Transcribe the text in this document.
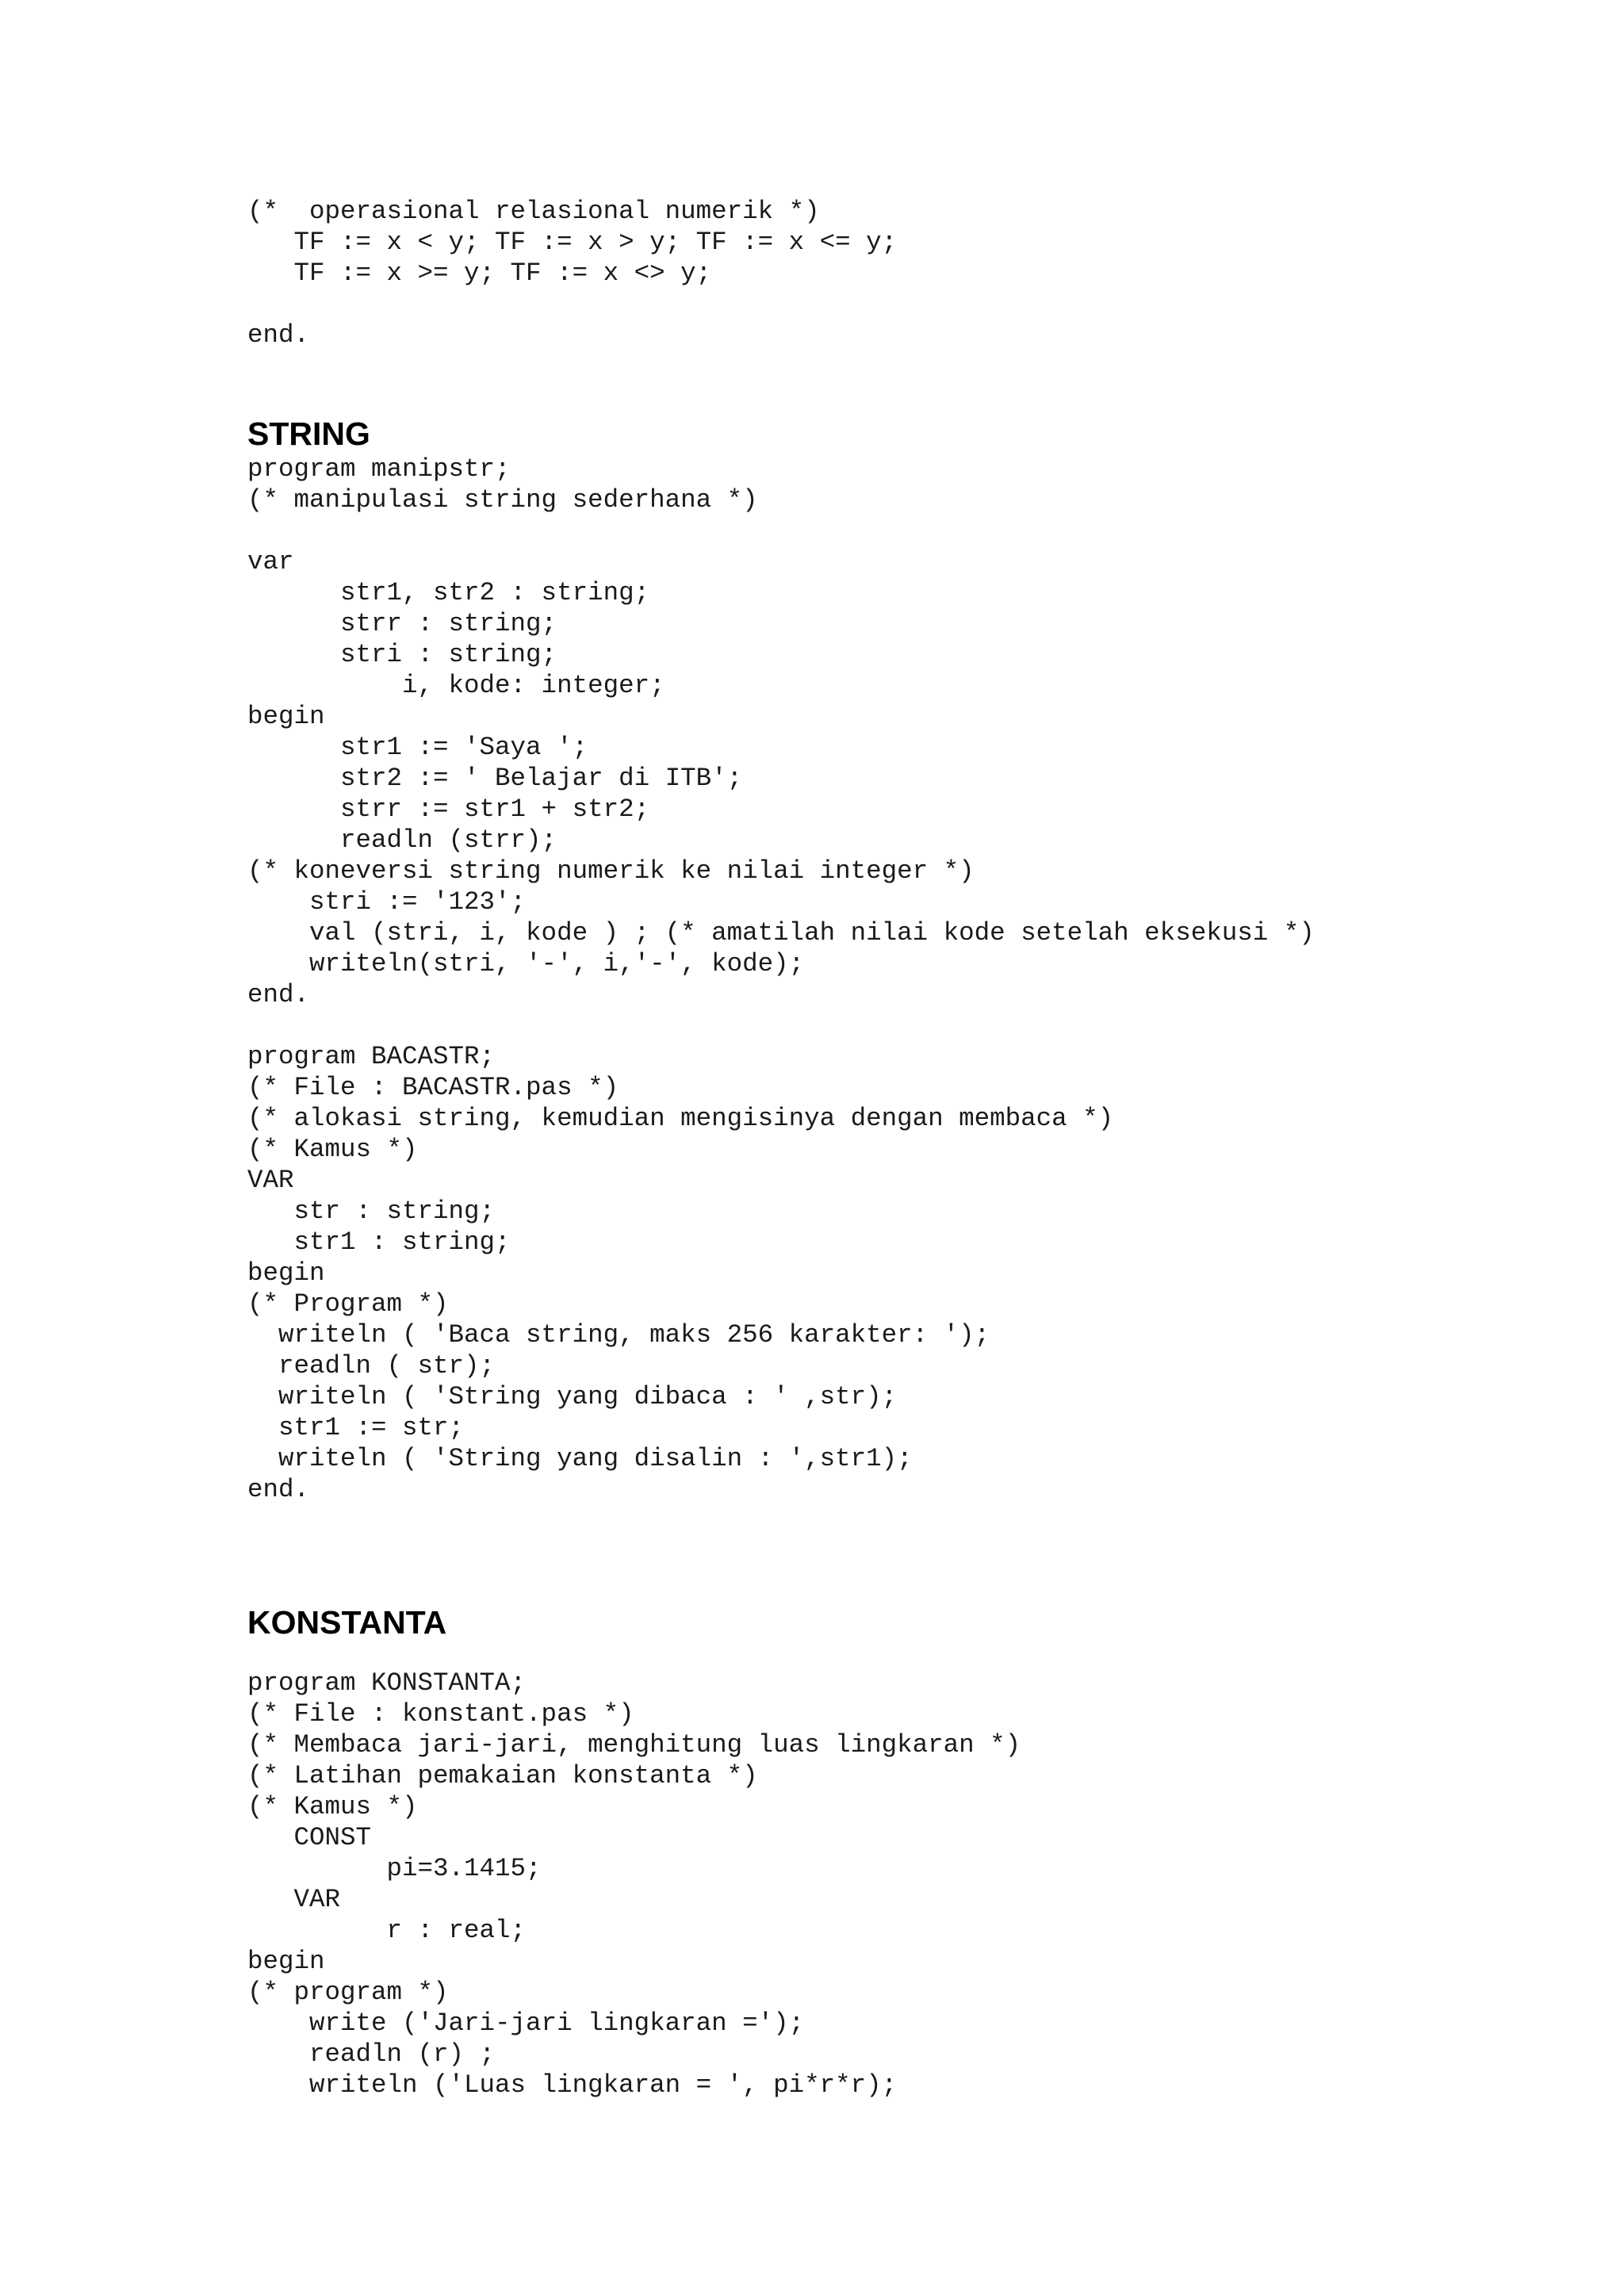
(*  operasional relasional numerik *)
TF := x < y; TF := x > y; TF := x <= y;
TF := x >= y; TF := x <> y;
end.
STRING
program manipstr;
(* manipulasi string sederhana *)
var
str1, str2 : string;
strr : string;
stri : string;
i, kode: integer;
begin
str1 := 'Saya ';
str2 := ' Belajar di ITB';
strr := str1 + str2;
readln (strr);
(* koneversi string numerik ke nilai integer *)
stri := '123';
val (stri, i, kode ) ; (* amatilah nilai kode setelah eksekusi *)
writeln(stri, '-', i,'-', kode);
end.
program BACASTR;
(* File : BACASTR.pas *)
(* alokasi string, kemudian mengisinya dengan membaca *)
(* Kamus *)
VAR
str : string;
str1 : string;
begin
(* Program *)
writeln ( 'Baca string, maks 256 karakter: ');
readln ( str);
writeln ( 'String yang dibaca : ' ,str);
str1 := str;
writeln ( 'String yang disalin : ',str1);
end.
KONSTANTA
program KONSTANTA;
(* File : konstant.pas *)
(* Membaca jari-jari, menghitung luas lingkaran *)
(* Latihan pemakaian konstanta *)
(* Kamus *)
CONST
pi=3.1415;
VAR
r : real;
begin
(* program *)
write ('Jari-jari lingkaran =');
readln (r) ;
writeln ('Luas lingkaran = ', pi*r*r);
